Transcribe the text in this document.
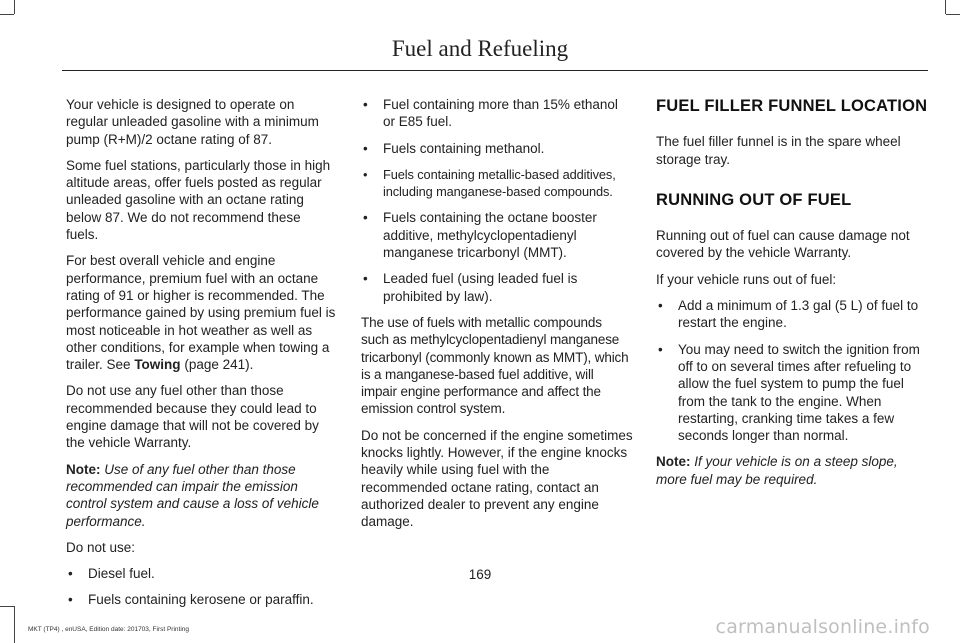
Fuel and Refueling

Your vehicle is designed to operate on regular unleaded gasoline with a minimum pump (R+M)/2 octane rating of 87.

Some fuel stations, particularly those in high altitude areas, offer fuels posted as regular unleaded gasoline with an octane rating below 87. We do not recommend these fuels.

For best overall vehicle and engine performance, premium fuel with an octane rating of 91 or higher is recommended. The performance gained by using premium fuel is most noticeable in hot weather as well as other conditions, for example when towing a trailer. See Towing (page 241).

Do not use any fuel other than those recommended because they could lead to engine damage that will not be covered by the vehicle Warranty.

Note: Use of any fuel other than those recommended can impair the emission control system and cause a loss of vehicle performance.

Do not use:

• Diesel fuel.
• Fuels containing kerosene or paraffin.
• Fuel containing more than 15% ethanol or E85 fuel.
• Fuels containing methanol.
• Fuels containing metallic-based additives, including manganese-based compounds.
• Fuels containing the octane booster additive, methylcyclopentadienyl manganese tricarbonyl (MMT).
• Leaded fuel (using leaded fuel is prohibited by law).

The use of fuels with metallic compounds such as methylcyclopentadienyl manganese tricarbonyl (commonly known as MMT), which is a manganese-based fuel additive, will impair engine performance and affect the emission control system.

Do not be concerned if the engine sometimes knocks lightly. However, if the engine knocks heavily while using fuel with the recommended octane rating, contact an authorized dealer to prevent any engine damage.

FUEL FILLER FUNNEL LOCATION

The fuel filler funnel is in the spare wheel storage tray.

RUNNING OUT OF FUEL

Running out of fuel can cause damage not covered by the vehicle Warranty.

If your vehicle runs out of fuel:

• Add a minimum of 1.3 gal (5 L) of fuel to restart the engine.
• You may need to switch the ignition from off to on several times after refueling to allow the fuel system to pump the fuel from the tank to the engine. When restarting, cranking time takes a few seconds longer than normal.

Note: If your vehicle is on a steep slope, more fuel may be required.

169
MKT (TP4) , enUSA, Edition date: 201703, First Printing	carmanualsonline.info
